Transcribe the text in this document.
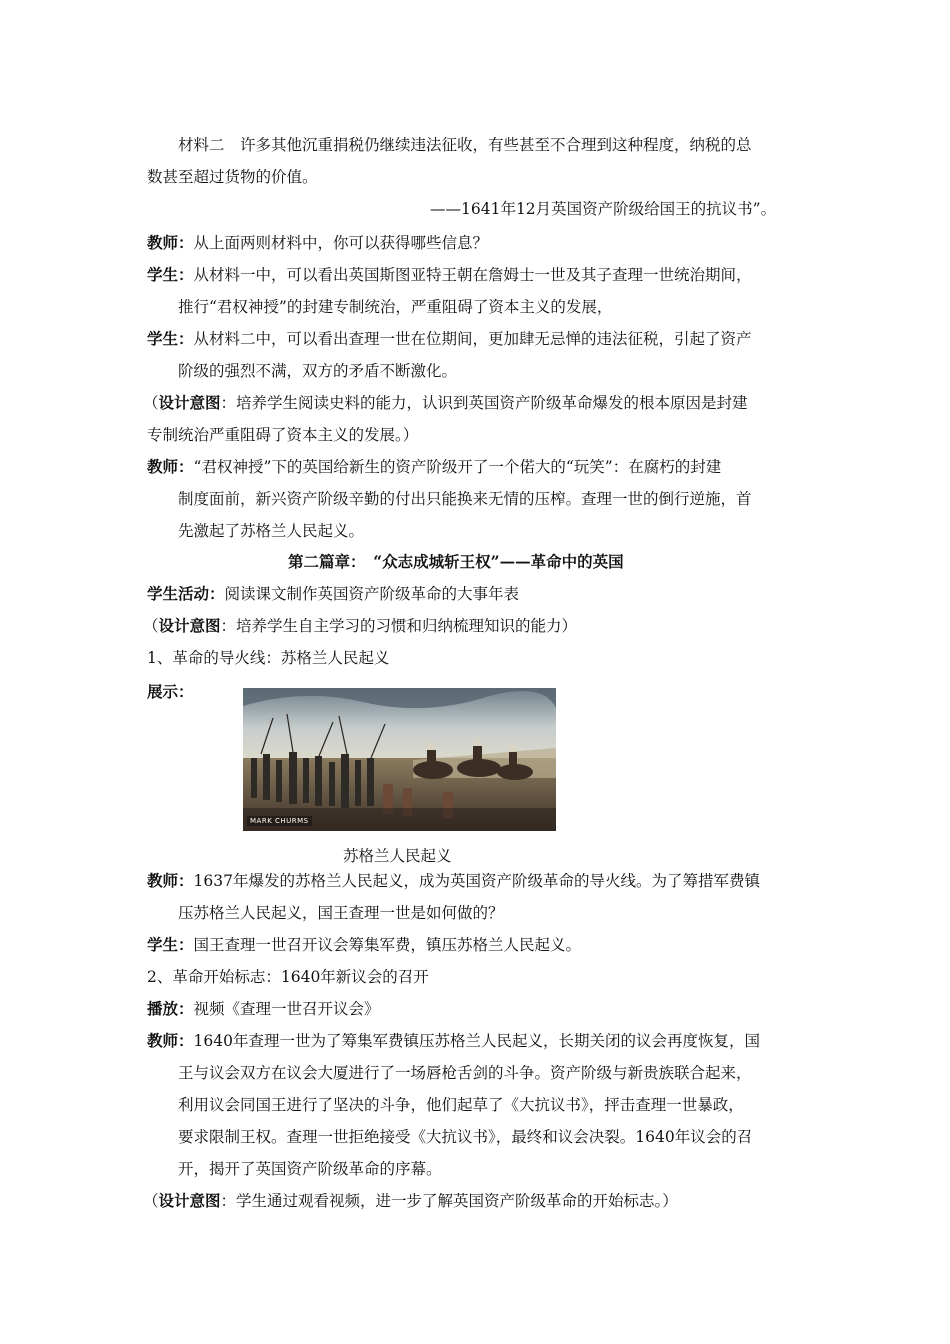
材料二　许多其他沉重捐税仍继续违法征收，有些甚至不合理到这种程度，纳税的总
数甚至超过货物的价值。
——1641年12月英国资产阶级给国王的抗议书”。
教师：从上面两则材料中，你可以获得哪些信息？
学生：从材料一中，可以看出英国斯图亚特王朝在詹姆士一世及其子查理一世统治期间，
推行“君权神授”的封建专制统治，严重阻碍了资本主义的发展，
学生：从材料二中，可以看出查理一世在位期间，更加肆无忌惮的违法征税，引起了资产
阶级的强烈不满，双方的矛盾不断激化。
（设计意图：培养学生阅读史料的能力，认识到英国资产阶级革命爆发的根本原因是封建
专制统治严重阻碍了资本主义的发展。）
教师：“君权神授”下的英国给新生的资产阶级开了一个偌大的“玩笑”：在腐朽的封建
制度面前，新兴资产阶级辛勤的付出只能换来无情的压榨。查理一世的倒行逆施，首
先激起了苏格兰人民起义。
第二篇章：　“众志成城斩王权”——革命中的英国
学生活动：阅读课文制作英国资产阶级革命的大事年表
（设计意图：培养学生自主学习的习惯和归纳梳理知识的能力）
1、革命的导火线：苏格兰人民起义
展示：
MARK CHURMS
苏格兰人民起义
教师：1637年爆发的苏格兰人民起义，成为英国资产阶级革命的导火线。为了筹措军费镇
压苏格兰人民起义，国王查理一世是如何做的？
学生：国王查理一世召开议会筹集军费，镇压苏格兰人民起义。
2、革命开始标志：1640年新议会的召开
播放：视频《查理一世召开议会》
教师：1640年查理一世为了筹集军费镇压苏格兰人民起义，长期关闭的议会再度恢复，国
王与议会双方在议会大厦进行了一场唇枪舌剑的斗争。资产阶级与新贵族联合起来，
利用议会同国王进行了坚决的斗争，他们起草了《大抗议书》，抨击查理一世暴政，
要求限制王权。查理一世拒绝接受《大抗议书》，最终和议会决裂。1640年议会的召
开，揭开了英国资产阶级革命的序幕。
（设计意图：学生通过观看视频，进一步了解英国资产阶级革命的开始标志。）
